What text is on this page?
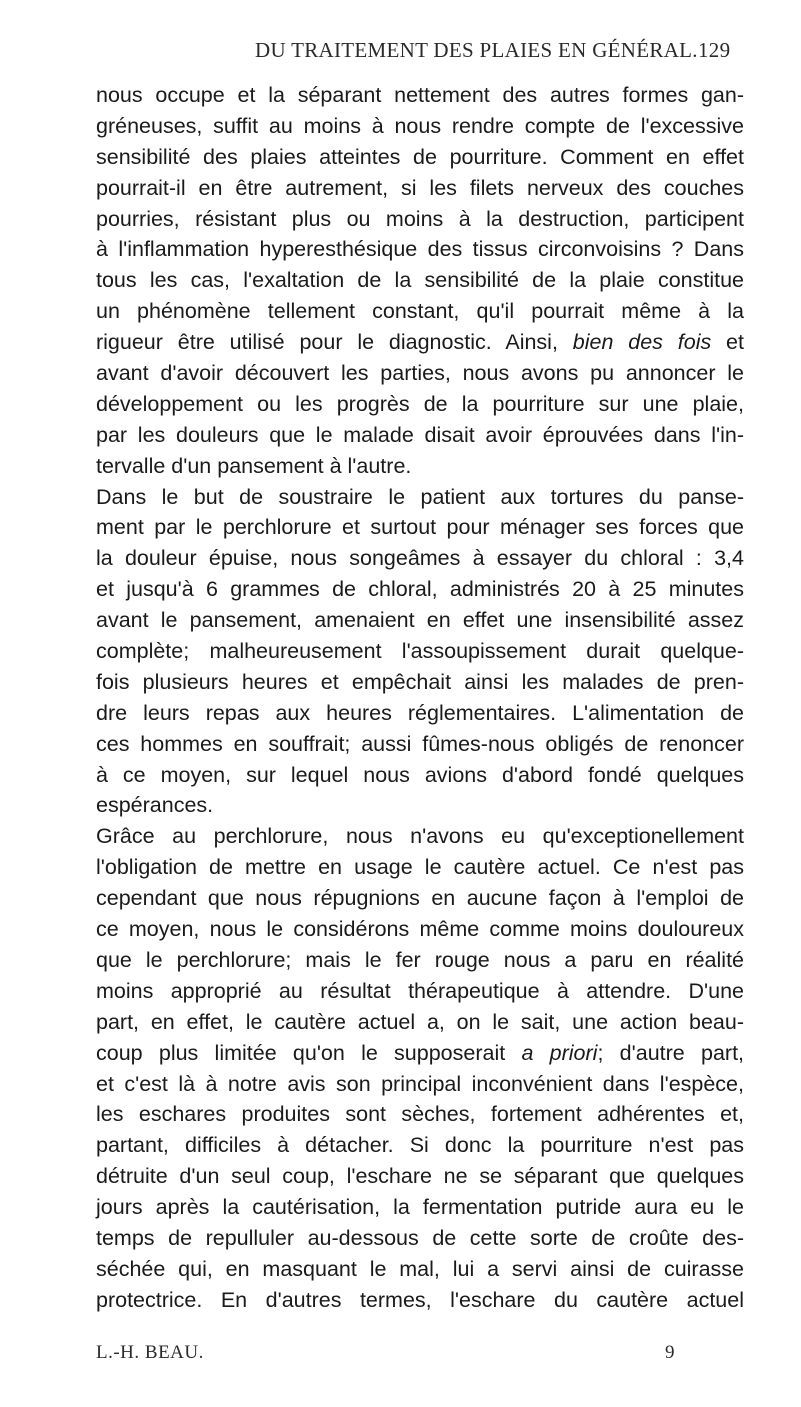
DU TRAITEMENT DES PLAIES EN GÉNÉRAL. 129
nous occupe et la séparant nettement des autres formes gan-
gréneuses, suffit au moins à nous rendre compte de l'excessive
sensibilité des plaies atteintes de pourriture. Comment en effet
pourrait-il en être autrement, si les filets nerveux des couches
pourries, résistant plus ou moins à la destruction, participent
à l'inflammation hyperesthésique des tissus circonvoisins ? Dans
tous les cas, l'exaltation de la sensibilité de la plaie constitue
un phénomène tellement constant, qu'il pourrait même à la
rigueur être utilisé pour le diagnostic. Ainsi, bien des fois et
avant d'avoir découvert les parties, nous avons pu annoncer le
développement ou les progrès de la pourriture sur une plaie,
par les douleurs que le malade disait avoir éprouvées dans l'in-
tervalle d'un pansement à l'autre.
Dans le but de soustraire le patient aux tortures du panse-
ment par le perchlorure et surtout pour ménager ses forces que
la douleur épuise, nous songeâmes à essayer du chloral : 3,4
et jusqu'à 6 grammes de chloral, administrés 20 à 25 minutes
avant le pansement, amenaient en effet une insensibilité assez
complète; malheureusement l'assoupissement durait quelque-
fois plusieurs heures et empêchait ainsi les malades de pren-
dre leurs repas aux heures réglementaires. L'alimentation de
ces hommes en souffrait; aussi fûmes-nous obligés de renoncer
à ce moyen, sur lequel nous avions d'abord fondé quelques
espérances.
Grâce au perchlorure, nous n'avons eu qu'exceptionellement
l'obligation de mettre en usage le cautère actuel. Ce n'est pas
cependant que nous répugnions en aucune façon à l'emploi de
ce moyen, nous le considérons même comme moins douloureux
que le perchlorure; mais le fer rouge nous a paru en réalité
moins approprié au résultat thérapeutique à attendre. D'une
part, en effet, le cautère actuel a, on le sait, une action beau-
coup plus limitée qu'on le supposerait a priori; d'autre part,
et c'est là à notre avis son principal inconvénient dans l'espèce,
les eschares produites sont sèches, fortement adhérentes et,
partant, difficiles à détacher. Si donc la pourriture n'est pas
détruite d'un seul coup, l'eschare ne se séparant que quelques
jours après la cautérisation, la fermentation putride aura eu le
temps de repulluler au-dessous de cette sorte de croûte des-
séchée qui, en masquant le mal, lui a servi ainsi de cuirasse
protectrice. En d'autres termes, l'eschare du cautère actuel
L.-H. BEAU.	9
